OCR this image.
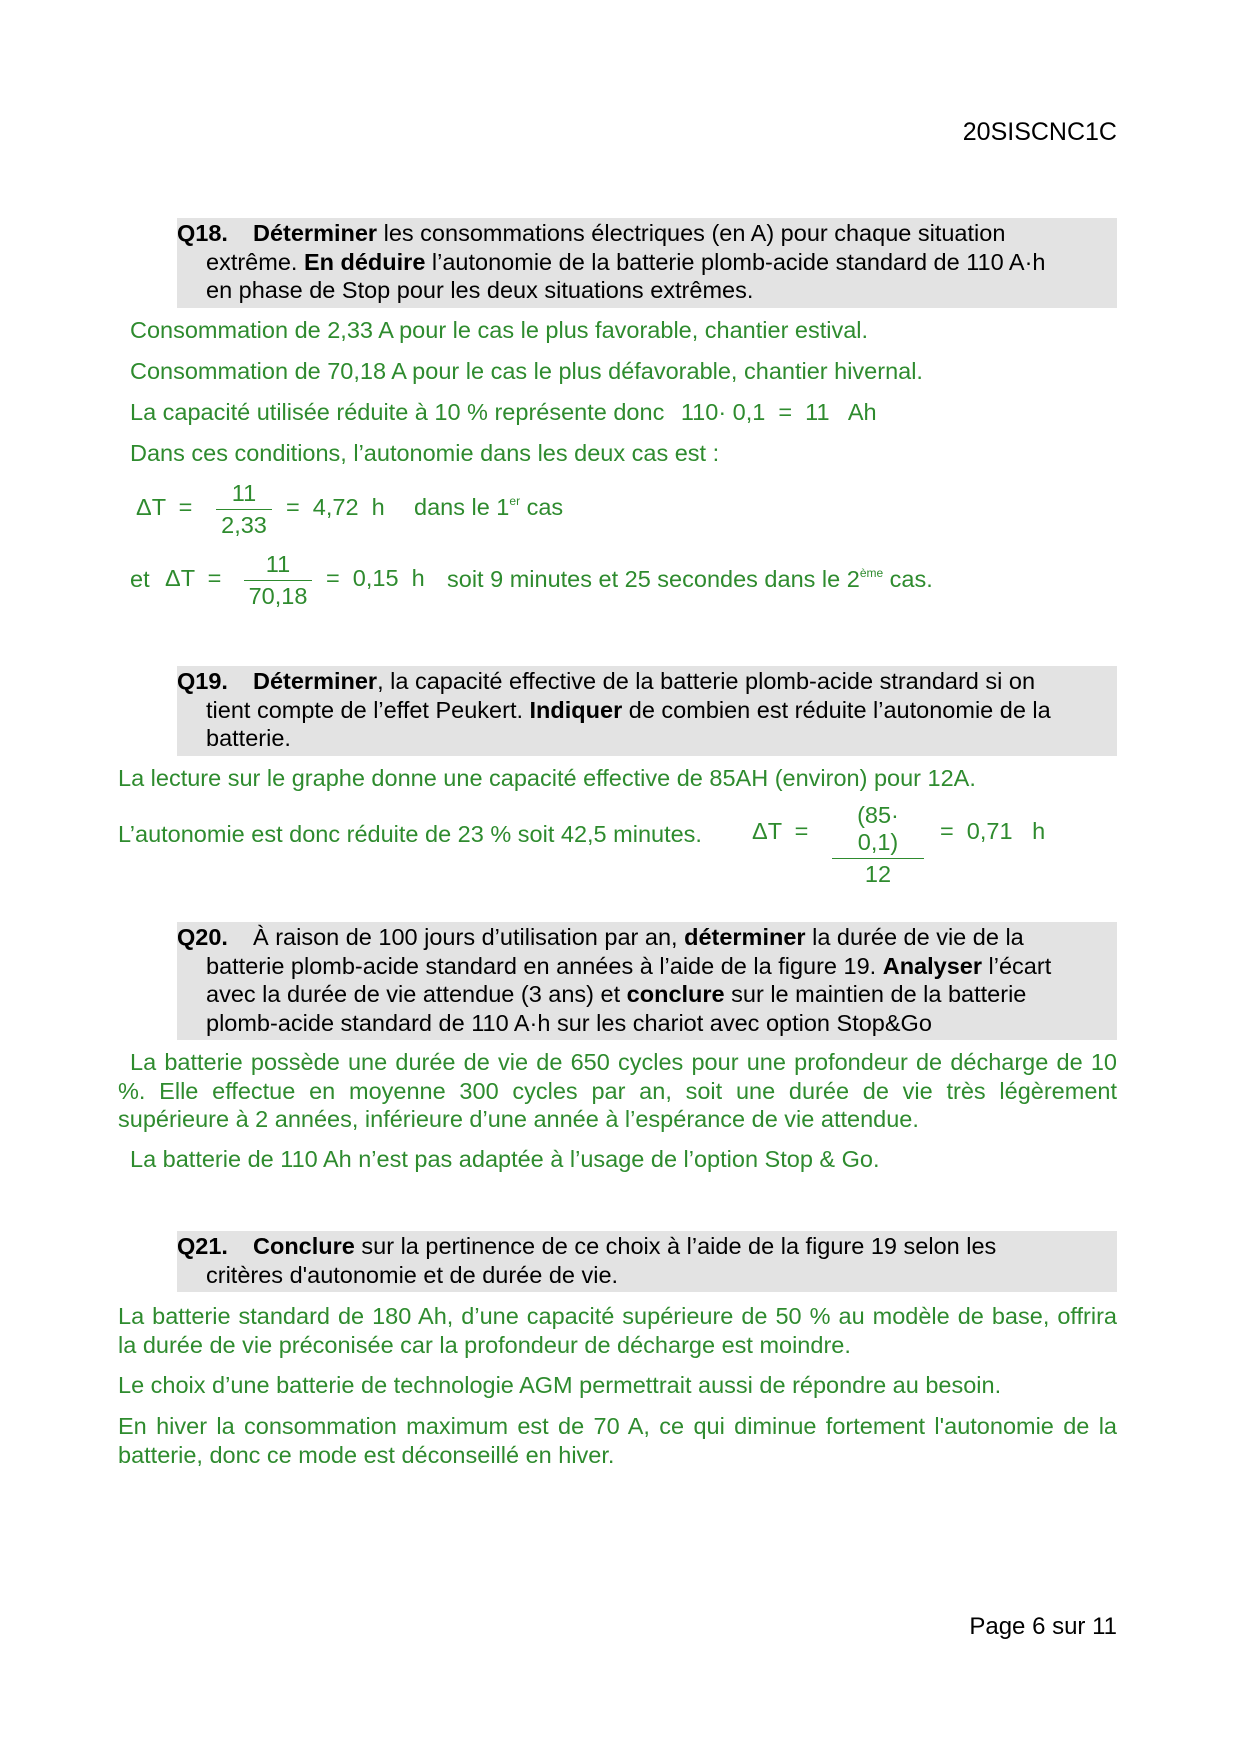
20SISCNC1C
Q18. Déterminer les consommations électriques (en A) pour chaque situation
extrême. En déduire l’autonomie de la batterie plomb-acide standard de 110 A·h
en phase de Stop pour les deux situations extrêmes.
Consommation de 2,33 A pour le cas le plus favorable, chantier estival.
Consommation de 70,18 A pour le cas le plus défavorable, chantier hivernal.
La capacité utilisée réduite à 10 % représente donc 110· 0,1  =  11   Ah
Dans ces conditions, l’autonomie dans les deux cas est :
$\Delta T = \frac{11}{2,33} = 4,72$  h dans le 1er cas
et $\Delta T = \frac{11}{70,18} = 0,15$  h soit 9 minutes et 25 secondes dans le 2ème cas.
Q19. Déterminer, la capacité effective de la batterie plomb-acide strandard si on
tient compte de l’effet Peukert. Indiquer de combien est réduite l’autonomie de la
batterie.
La lecture sur le graphe donne une capacité effective de 85AH (environ) pour 12A.
L’autonomie est donc réduite de 23 % soit 42,5 minutes. $\Delta T = \frac{(85\cdot 0,1)}{12} = 0,71$   h
Q20. À raison de 100 jours d’utilisation par an, déterminer la durée de vie de la
batterie plomb-acide standard en années à l’aide de la figure 19. Analyser l’écart
avec la durée de vie attendue (3 ans) et conclure sur le maintien de la batterie
plomb-acide standard de 110 A·h sur les chariot avec option Stop&Go
La batterie possède une durée de vie de 650 cycles pour une profondeur de décharge de 10 %. Elle effectue en moyenne 300 cycles par an, soit une durée de vie très légèrement supérieure à 2 années, inférieure d’une année à l’espérance de vie attendue.
La batterie de 110 Ah n’est pas adaptée à l’usage de l’option Stop & Go.
Q21. Conclure sur la pertinence de ce choix à l’aide de la figure 19 selon les
critères d'autonomie et de durée de vie.
La batterie standard de 180 Ah, d’une capacité supérieure de 50 % au modèle de base, offrira la durée de vie préconisée car la profondeur de décharge est moindre.
Le choix d’une batterie de technologie AGM permettrait aussi de répondre au besoin.
En hiver la consommation maximum est de 70 A, ce qui diminue fortement l'autonomie de la batterie, donc ce mode est déconseillé en hiver.
Page 6 sur 11
